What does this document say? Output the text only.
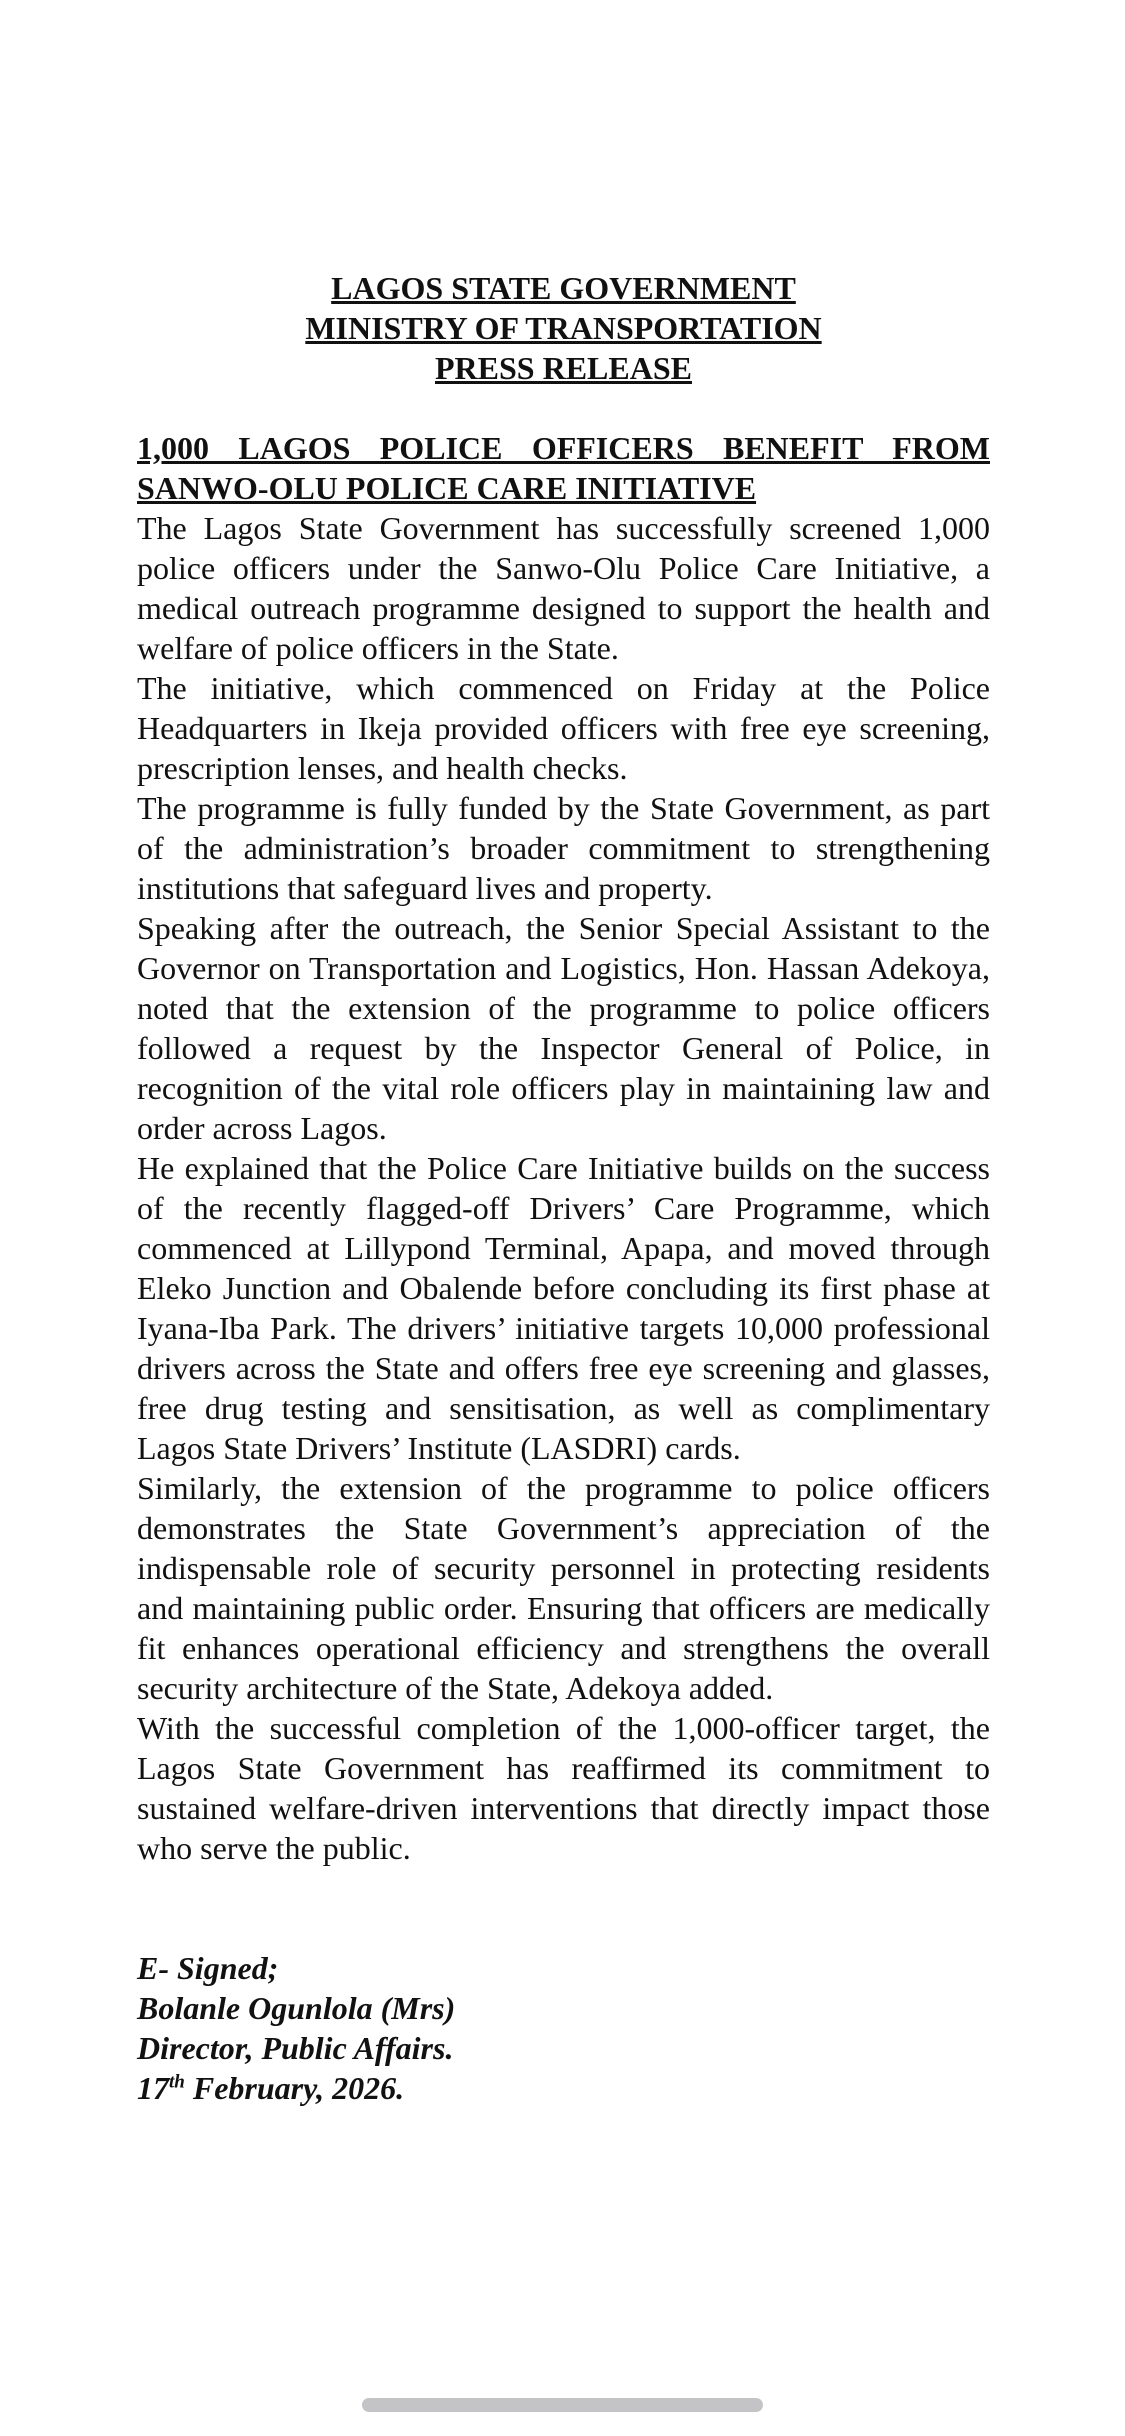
LAGOS STATE GOVERNMENT
MINISTRY OF TRANSPORTATION
PRESS RELEASE
1,000 LAGOS POLICE OFFICERS BENEFIT FROM
SANWO-OLU POLICE CARE INITIATIVE

The Lagos State Government has successfully screened 1,000 police officers under the Sanwo-Olu Police Care Initiative, a medical outreach programme designed to support the health and welfare of police officers in the State.

The initiative, which commenced on Friday at the Police Headquarters in Ikeja provided officers with free eye screening, prescription lenses, and health checks.

The programme is fully funded by the State Government, as part of the administration’s broader commitment to strengthening institutions that safeguard lives and property.

Speaking after the outreach, the Senior Special Assistant to the Governor on Transportation and Logistics, Hon. Hassan Adekoya, noted that the extension of the programme to police officers followed a request by the Inspector General of Police, in recognition of the vital role officers play in maintaining law and order across Lagos.

He explained that the Police Care Initiative builds on the success of the recently flagged-off Drivers’ Care Programme, which commenced at Lillypond Terminal, Apapa, and moved through Eleko Junction and Obalende before concluding its first phase at Iyana-Iba Park. The drivers’ initiative targets 10,000 professional drivers across the State and offers free eye screening and glasses, free drug testing and sensitisation, as well as complimentary Lagos State Drivers’ Institute (LASDRI) cards.

Similarly, the extension of the programme to police officers demonstrates the State Government’s appreciation of the indispensable role of security personnel in protecting residents and maintaining public order. Ensuring that officers are medically fit enhances operational efficiency and strengthens the overall security architecture of the State, Adekoya added.

With the successful completion of the 1,000-officer target, the Lagos State Government has reaffirmed its commitment to sustained welfare-driven interventions that directly impact those who serve the public.

E- Signed;
Bolanle Ogunlola (Mrs)
Director, Public Affairs.
17th February, 2026.
